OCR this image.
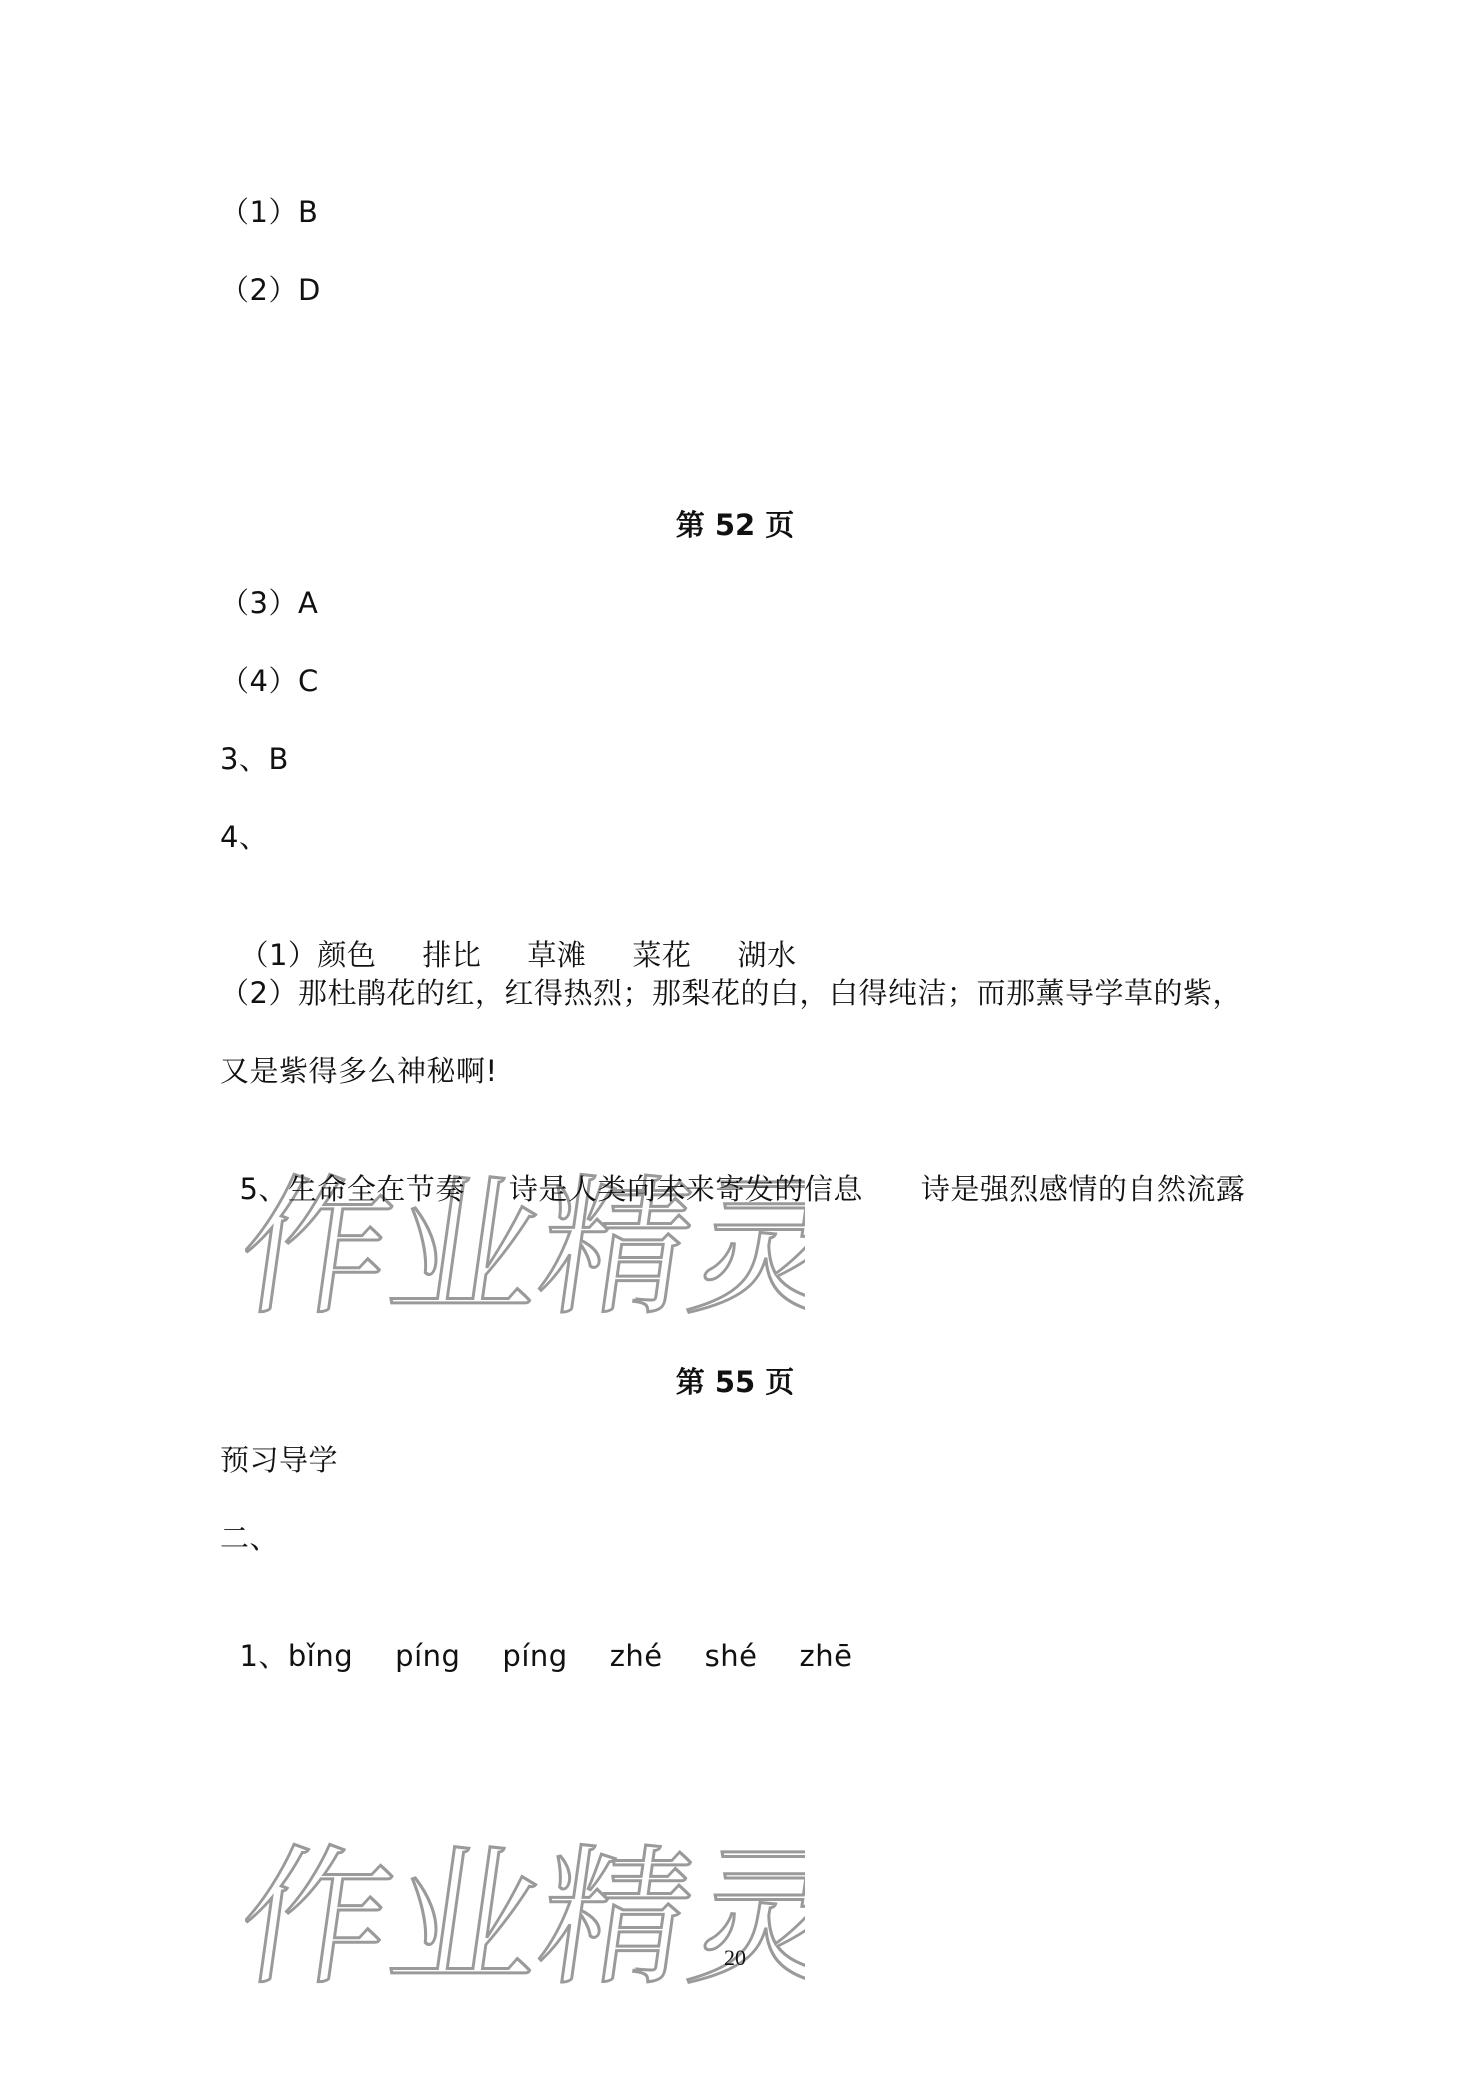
作业精灵
作业精灵
（1）B
（2）D
第 52 页
（3）A
（4）C
3、B
4、

（1）颜色 排比 草滩 菜花 湖水

（2）那杜鹃花的红，红得热烈；那梨花的白，白得纯洁；而那薰导学草的紫，
又是紫得多么神秘啊!

5、生命全在节奏 诗是人类向未来寄发的信息 诗是强烈感情的自然流露

第 55 页
预习导学
二、

1、bǐng píng píng zhé shé zhē

20
